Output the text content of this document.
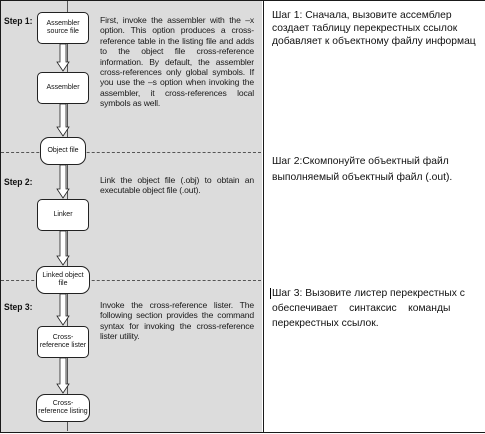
Step 1:
Step 2:
Step 3:
Assembler source file
Assembler
Object file
Linker
Linked object file
Cross-reference lister
Cross-reference listing
First, invoke the assembler with the –x option. This option produces a cross-reference table in the listing file and adds to the object file cross-reference information. By default, the assembler cross-references only global symbols. If you use the –s option when invoking the assembler, it cross-references local symbols as well.
Link the object file (.obj) to obtain an executable object file (.out).
Invoke the cross-reference lister. The following section provides the command syntax for invoking the cross-reference lister utility.
Шаг 1: Сначала, вызовите ассемблер
создает таблицу перекрестных ссылок
добавляет к объектному файлу информац
Шаг 2:Скомпонуйте объектный файл
выполняемый объектный файл (.out).
Шаг 3: Вызовите листер перекрестных с
обеспечивает    синтаксис    команды
перекрестных ссылок.
